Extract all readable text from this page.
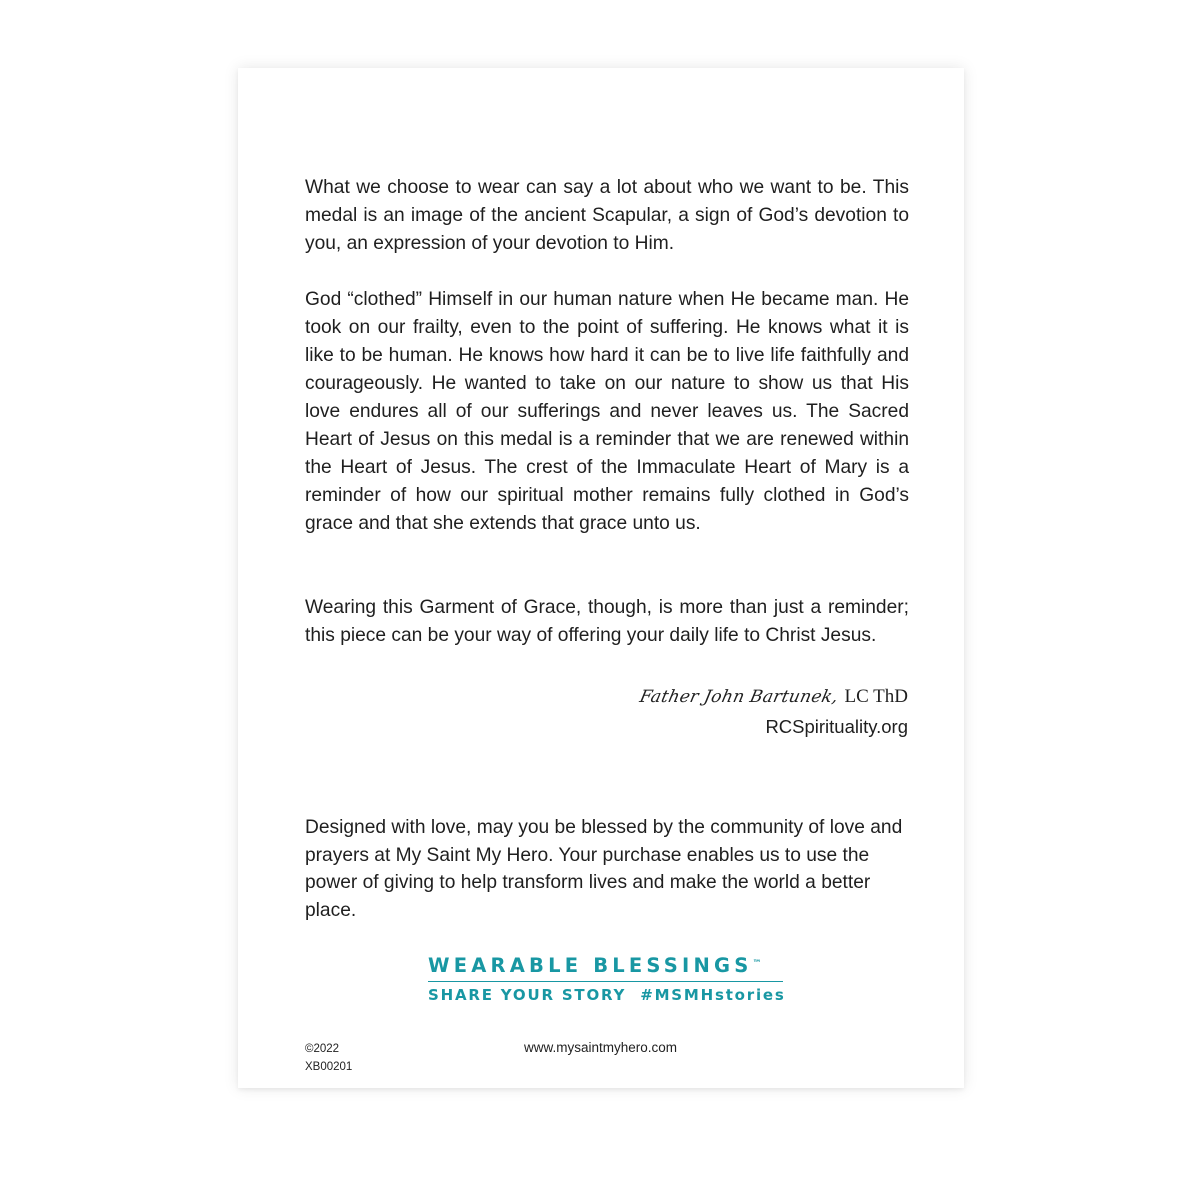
What we choose to wear can say a lot about who we want to be. This medal is an image of the ancient Scapular, a sign of God’s devotion to you, an expression of your devotion to Him.

God “clothed” Himself in our human nature when He became man. He took on our frailty, even to the point of suffering. He knows what it is like to be human. He knows how hard it can be to live life faithfully and courageously. He wanted to take on our nature to show us that His love endures all of our sufferings and never leaves us. The Sacred Heart of Jesus on this medal is a reminder that we are renewed within the Heart of Jesus. The crest of the Immaculate Heart of Mary is a reminder of how our spiritual mother remains fully clothed in God’s grace and that she extends that grace unto us.

Wearing this Garment of Grace, though, is more than just a reminder; this piece can be your way of offering your daily life to Christ Jesus.

Father John Bartunek, LC ThD
RCSpirituality.org

Designed with love, may you be blessed by the community of love and prayers at My Saint My Hero. Your purchase enables us to use the power of giving to help transform lives and make the world a better place.

WEARABLE BLESSINGS™
SHARE YOUR STORY #MSMHstories
©2022
XB00201
www.mysaintmyhero.com
